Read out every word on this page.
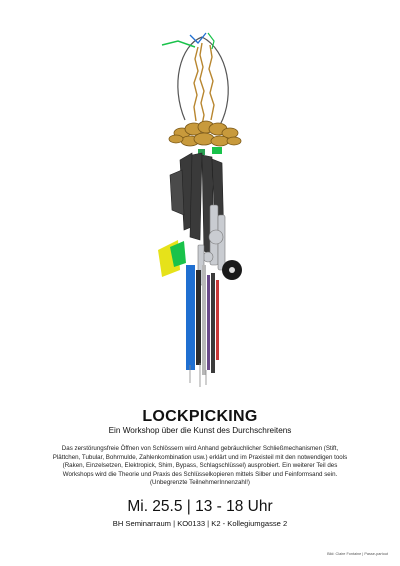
LOCKPICKING
Ein Workshop über die Kunst des Durchschreitens
Das zerstörungsfreie Öffnen von Schlössern wird Anhand gebräuchlicher Schließmechanismen (Stift, Plättchen, Tubular, Bohrmulde, Zahlenkombination usw.) erklärt und im Praxisteil mit den notwendigen tools (Raken, Einzelsetzen, Elektropick, Shim, Bypass, Schlagschlüssel) ausprobiert. Ein weiterer Teil des Workshops wird die Theorie und Praxis des Schlüsselkopieren mittels Silber und Feinformsand sein. (Unbegrenzte TeilnehmerInnenzahl!)
Mi. 25.5 | 13 - 18 Uhr
BH Seminarraum | KO0133 | K2 - Kollegiumgasse 2
Bild: Claire Fontaine | Passe-partout
